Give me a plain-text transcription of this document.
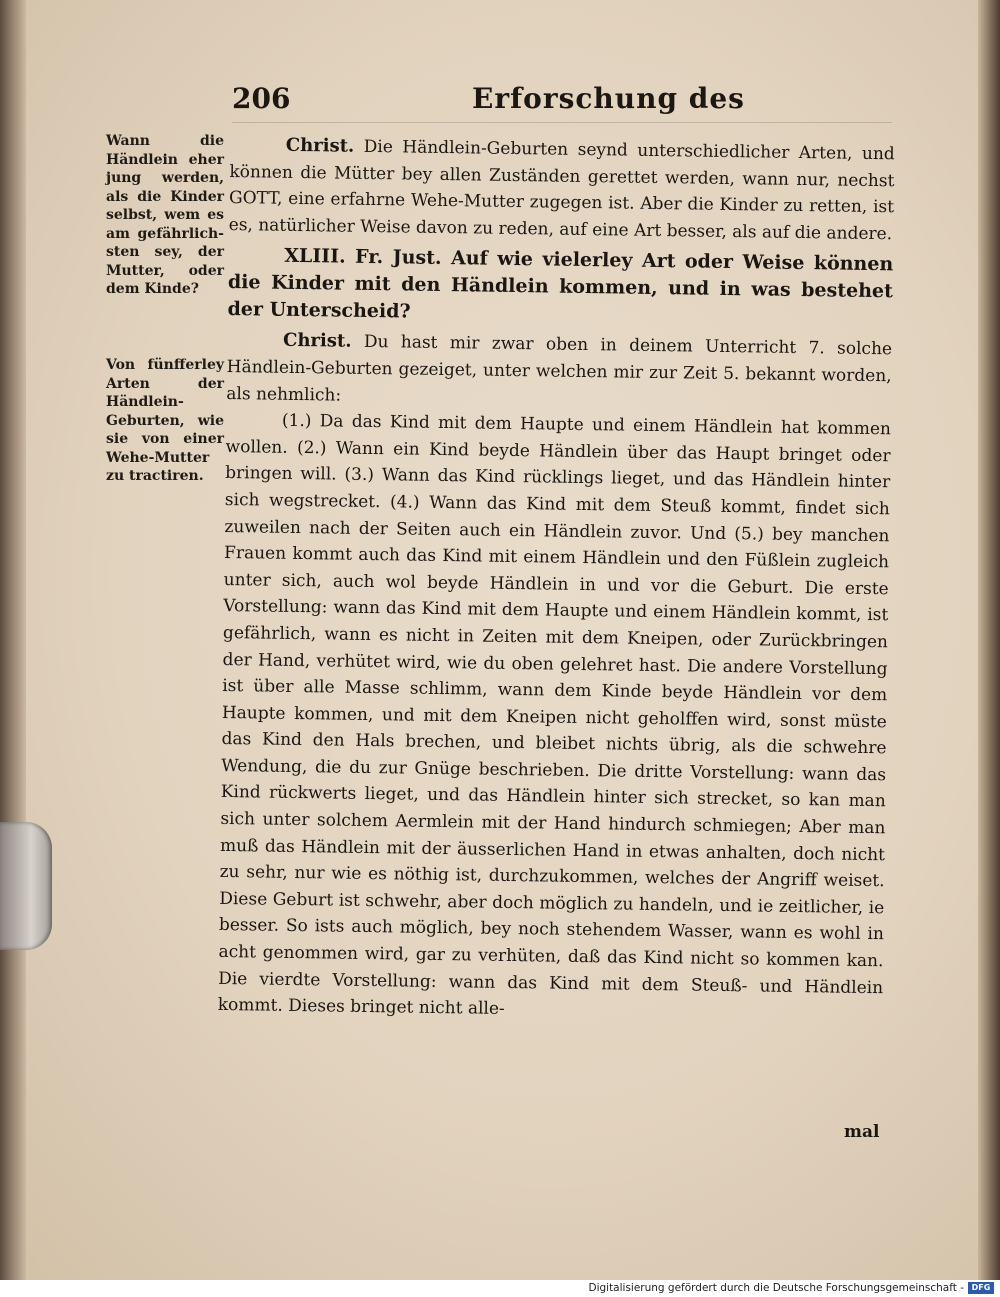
206	Erforschung des
Wann die Händlein eher jung werden, als die Kinder selbst, wem es am gefährlich-sten sey, der Mutter, oder dem Kinde?
Von fünfferley Arten der Händlein-Geburten, wie sie von einer Wehe-Mutter zu tractiren.

Christ. Die Händlein-Geburten seynd unterschiedlicher Arten, und können die Mütter bey allen Zuständen gerettet werden, wann nur, nechst GOTT, eine erfahrne Wehe-Mutter zugegen ist. Aber die Kinder zu retten, ist es, natürlicher Weise davon zu reden, auf eine Art besser, als auf die andere.

XLIII. Fr. Just. Auf wie vielerley Art oder Weise können die Kinder mit den Händlein kommen, und in was bestehet der Unterscheid?

Christ. Du hast mir zwar oben in deinem Unterricht 7. solche Händlein-Geburten gezeiget, unter welchen mir zur Zeit 5. bekannt worden, als nehmlich:

(1.) Da das Kind mit dem Haupte und einem Händlein hat kommen wollen. (2.) Wann ein Kind beyde Händlein über das Haupt bringet oder bringen will. (3.) Wann das Kind rücklings lieget, und das Händlein hinter sich wegstrecket. (4.) Wann das Kind mit dem Steuß kommt, findet sich zuweilen nach der Seiten auch ein Händlein zuvor. Und (5.) bey manchen Frauen kommt auch das Kind mit einem Händlein und den Füßlein zugleich unter sich, auch wol beyde Händlein in und vor die Geburt. Die erste Vorstellung: wann das Kind mit dem Haupte und einem Händlein kommt, ist gefährlich, wann es nicht in Zeiten mit dem Kneipen, oder Zurückbringen der Hand, verhütet wird, wie du oben gelehret hast. Die andere Vorstellung ist über alle Masse schlimm, wann dem Kinde beyde Händlein vor dem Haupte kommen, und mit dem Kneipen nicht geholffen wird, sonst müste das Kind den Hals brechen, und bleibet nichts übrig, als die schwehre Wendung, die du zur Gnüge beschrieben. Die dritte Vorstellung: wann das Kind rückwerts lieget, und das Händlein hinter sich strecket, so kan man sich unter solchem Aermlein mit der Hand hindurch schmiegen; Aber man muß das Händlein mit der äusserlichen Hand in etwas anhalten, doch nicht zu sehr, nur wie es nöthig ist, durchzukommen, welches der Angriff weiset. Diese Geburt ist schwehr, aber doch möglich zu handeln, und ie zeitlicher, ie besser. So ists auch möglich, bey noch stehendem Wasser, wann es wohl in acht genommen wird, gar zu verhüten, daß das Kind nicht so kommen kan. Die vierdte Vorstellung: wann das Kind mit dem Steuß- und Händlein kommt. Dieses bringet nicht alle-

mal
Digitalisierung gefördert durch die Deutsche Forschungsgemeinschaft - DFG
